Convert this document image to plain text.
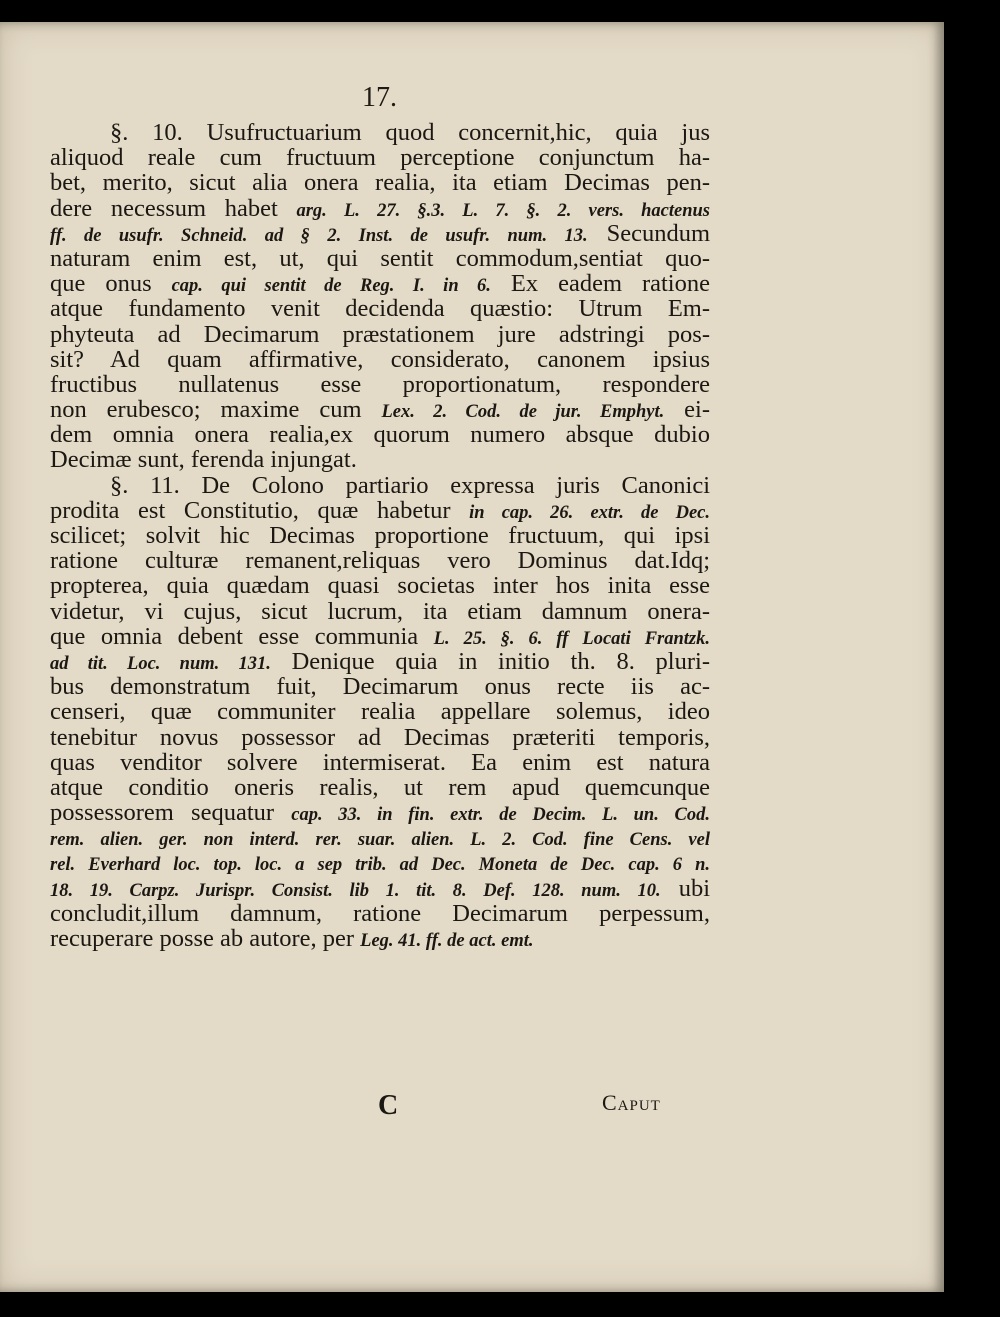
17.
§. 10. Usufructuarium quod concernit,hic, quia jus
aliquod reale cum fructuum perceptione conjunctum ha-
bet, merito, sicut alia onera realia, ita etiam Decimas pen-
dere necessum habet arg. L. 27. §.3. L. 7. §. 2. vers. hactenus
ff. de usufr. Schneid. ad § 2. Inst. de usufr. num. 13. Secundum
naturam enim est, ut, qui sentit commodum,sentiat quo-
que onus cap. qui sentit de Reg. I. in 6. Ex eadem ratione
atque fundamento venit decidenda quæstio: Utrum Em-
phyteuta ad Decimarum præstationem jure adstringi pos-
sit? Ad quam affirmative, considerato, canonem ipsius
fructibus nullatenus esse proportionatum, respondere
non erubesco; maxime cum Lex. 2. Cod. de jur. Emphyt. ei-
dem omnia onera realia,ex quorum numero absque dubio
Decimæ sunt, ferenda injungat.
§. 11. De Colono partiario expressa juris Canonici
prodita est Constitutio, quæ habetur in cap. 26. extr. de Dec.
scilicet; solvit hic Decimas proportione fructuum, qui ipsi
ratione culturæ remanent,reliquas vero Dominus dat.Idq;
propterea, quia quædam quasi societas inter hos inita esse
videtur, vi cujus, sicut lucrum, ita etiam damnum onera-
que omnia debent esse communia L. 25. §. 6. ff Locati Frantzk.
ad tit. Loc. num. 131. Denique quia in initio th. 8. pluri-
bus demonstratum fuit, Decimarum onus recte iis ac-
censeri, quæ communiter realia appellare solemus, ideo
tenebitur novus possessor ad Decimas præteriti temporis,
quas venditor solvere intermiserat. Ea enim est natura
atque conditio oneris realis, ut rem apud quemcunque
possessorem sequatur cap. 33. in fin. extr. de Decim. L. un. Cod.
rem. alien. ger. non interd. rer. suar. alien. L. 2. Cod. fine Cens. vel
rel. Everhard loc. top. loc. a sep trib. ad Dec. Moneta de Dec. cap. 6 n.
18. 19. Carpz. Jurispr. Consist. lib 1. tit. 8. Def. 128. num. 10. ubi
concludit,illum damnum, ratione Decimarum perpessum,
recuperare posse ab autore, per Leg. 41. ff. de act. emt.
C	Caput
